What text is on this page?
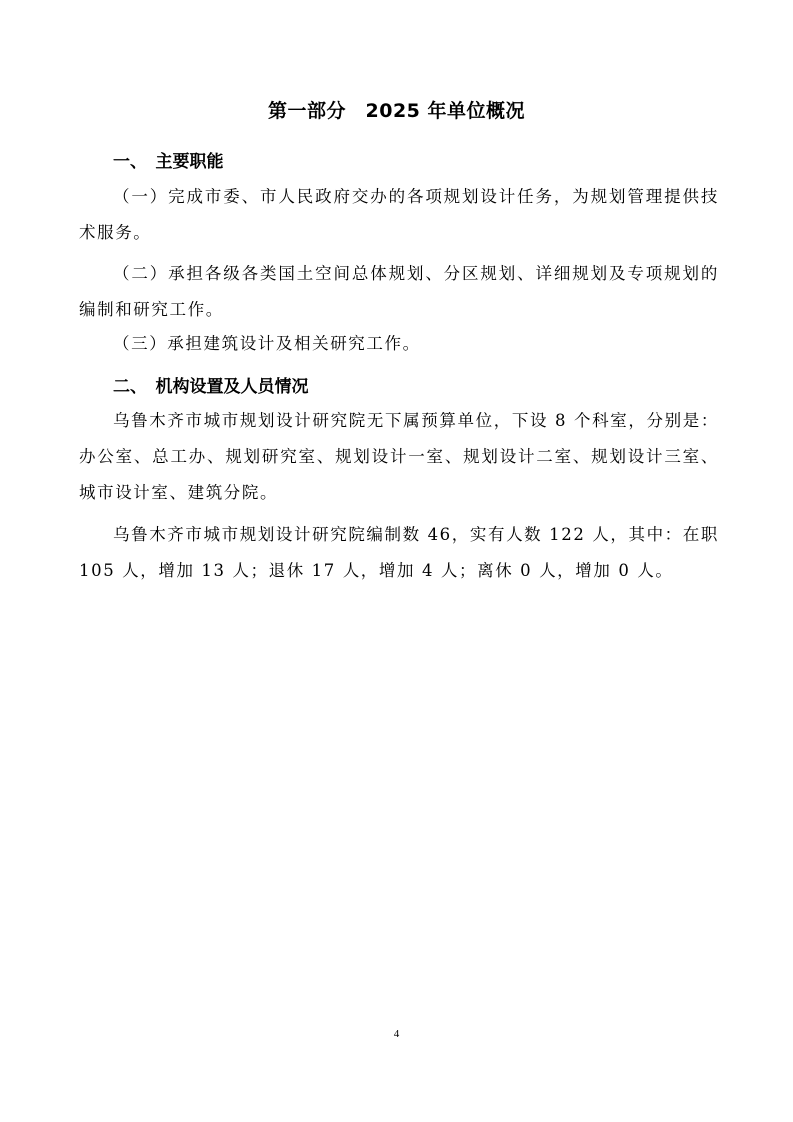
第一部分　2025 年单位概况
一、　主要职能
（一）完成市委、市人民政府交办的各项规划设计任务，为规划管理提供技术服务。
（二）承担各级各类国土空间总体规划、分区规划、详细规划及专项规划的编制和研究工作。
（三）承担建筑设计及相关研究工作。
二、　机构设置及人员情况
乌鲁木齐市城市规划设计研究院无下属预算单位，下设 8 个科室，分别是：办公室、总工办、规划研究室、规划设计一室、规划设计二室、规划设计三室、城市设计室、建筑分院。
乌鲁木齐市城市规划设计研究院编制数 46，实有人数 122 人，其中：在职 105 人，增加 13 人；退休 17 人，增加 4 人；离休 0 人，增加 0 人。
4
